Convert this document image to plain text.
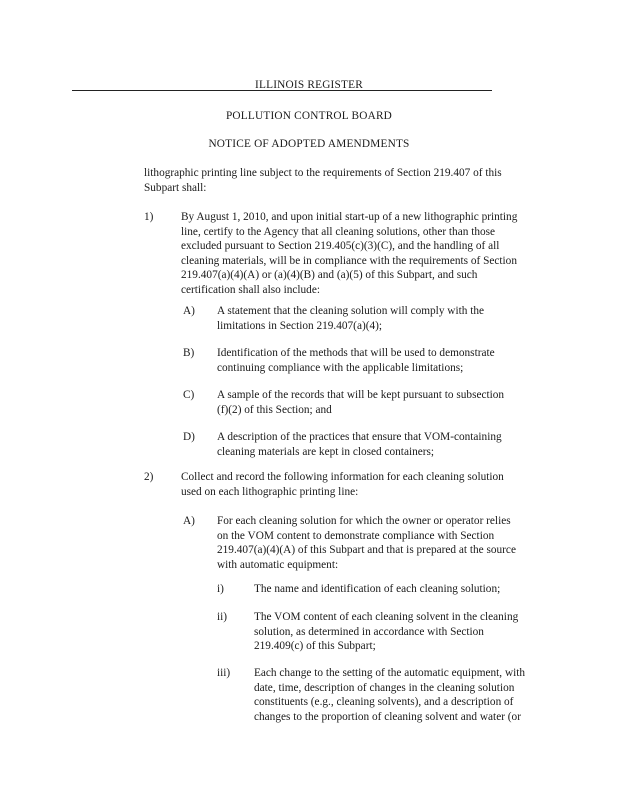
ILLINOIS REGISTER
POLLUTION CONTROL BOARD
NOTICE OF ADOPTED AMENDMENTS

lithographic printing line subject to the requirements of Section 219.407 of this

Subpart shall:

1) By August 1, 2010, and upon initial start-up of a new lithographic printing

line, certify to the Agency that all cleaning solutions, other than those

excluded pursuant to Section 219.405(c)(3)(C), and the handling of all

cleaning materials, will be in compliance with the requirements of Section

219.407(a)(4)(A) or (a)(4)(B) and (a)(5) of this Subpart, and such

certification shall also include:

A) A statement that the cleaning solution will comply with the

limitations in Section 219.407(a)(4);

B) Identification of the methods that will be used to demonstrate

continuing compliance with the applicable limitations;

C) A sample of the records that will be kept pursuant to subsection

(f)(2) of this Section; and

D) A description of the practices that ensure that VOM-containing

cleaning materials are kept in closed containers;

2) Collect and record the following information for each cleaning solution

used on each lithographic printing line:

A) For each cleaning solution for which the owner or operator relies

on the VOM content to demonstrate compliance with Section

219.407(a)(4)(A) of this Subpart and that is prepared at the source

with automatic equipment:

i)	The name and identification of each cleaning solution;

ii) The VOM content of each cleaning solvent in the cleaning

solution, as determined in accordance with Section

219.409(c) of this Subpart;

iii) Each change to the setting of the automatic equipment, with

date, time, description of changes in the cleaning solution

constituents (e.g., cleaning solvents), and a description of

changes to the proportion of cleaning solvent and water (or
